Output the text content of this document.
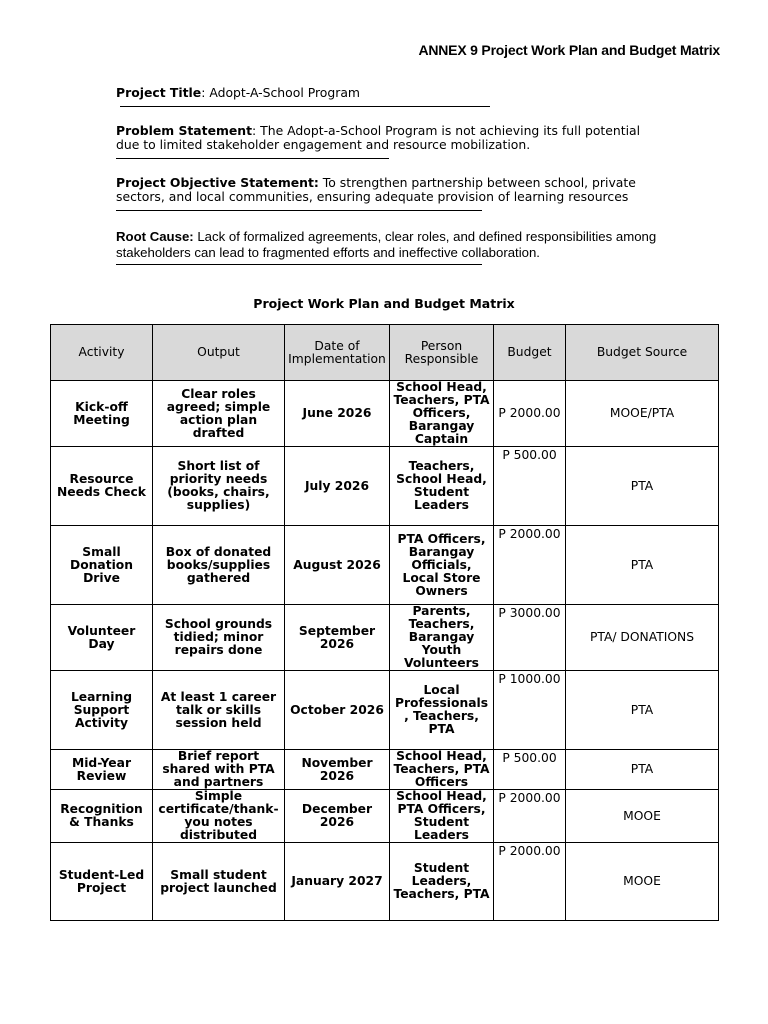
ANNEX 9 Project Work Plan and Budget Matrix
Project Title: Adopt-A-School Program
Problem Statement: The Adopt-a-School Program is not achieving its full potential due to limited stakeholder engagement and resource mobilization.
Project Objective Statement: To strengthen partnership between school, private sectors, and local communities, ensuring adequate provision of learning resources
Root Cause: Lack of formalized agreements, clear roles, and defined responsibilities among stakeholders can lead to fragmented efforts and ineffective collaboration.
Project Work Plan and Budget Matrix
Activity	Output	Date of Implementation	Person Responsible	Budget	Budget Source
Kick-off Meeting	Clear roles agreed; simple action plan drafted	June 2026	School Head, Teachers, PTA Officers, Barangay Captain	P 2000.00	MOOE/PTA
Resource Needs Check	Short list of priority needs (books, chairs, supplies)	July 2026	Teachers, School Head, Student Leaders	P 500.00	PTA
Small Donation Drive	Box of donated books/supplies gathered	August 2026	PTA Officers, Barangay Officials, Local Store Owners	P 2000.00	PTA
Volunteer Day	School grounds tidied; minor repairs done	September 2026	Parents, Teachers, Barangay Youth Volunteers	P 3000.00	PTA/ DONATIONS
Learning Support Activity	At least 1 career talk or skills session held	October 2026	Local Professionals , Teachers, PTA	P 1000.00	PTA
Mid-Year Review	Brief report shared with PTA and partners	November 2026	School Head, Teachers, PTA Officers	P 500.00	PTA
Recognition & Thanks	Simple certificate/thank-you notes distributed	December 2026	School Head, PTA Officers, Student Leaders	P 2000.00	MOOE
Student-Led Project	Small student project launched	January 2027	Student Leaders, Teachers, PTA	P 2000.00	MOOE
